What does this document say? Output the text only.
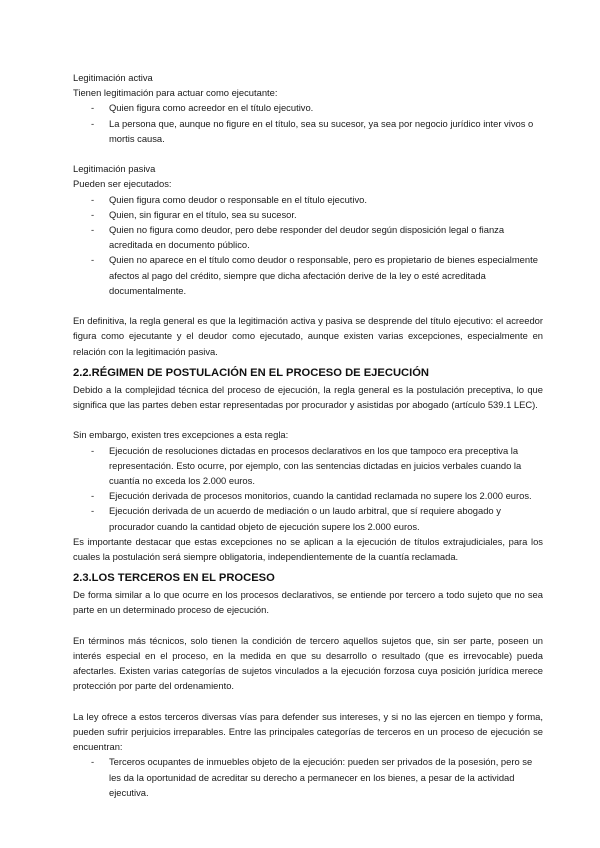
Legitimación activa

Tienen legitimación para actuar como ejecutante:

- Quien figura como acreedor en el título ejecutivo.
- La persona que, aunque no figure en el título, sea su sucesor, ya sea por negocio jurídico inter vivos o mortis causa.

Legitimación pasiva

Pueden ser ejecutados:

- Quien figura como deudor o responsable en el título ejecutivo.
- Quien, sin figurar en el título, sea su sucesor.
- Quien no figura como deudor, pero debe responder del deudor según disposición legal o fianza acreditada en documento público.
- Quien no aparece en el título como deudor o responsable, pero es propietario de bienes especialmente afectos al pago del crédito, siempre que dicha afectación derive de la ley o esté acreditada documentalmente.

En definitiva, la regla general es que la legitimación activa y pasiva se desprende del título ejecutivo: el acreedor figura como ejecutante y el deudor como ejecutado, aunque existen varias excepciones, especialmente en relación con la legitimación pasiva.

2.2.RÉGIMEN DE POSTULACIÓN EN EL PROCESO DE EJECUCIÓN

Debido a la complejidad técnica del proceso de ejecución, la regla general es la postulación preceptiva, lo que significa que las partes deben estar representadas por procurador y asistidas por abogado (artículo 539.1 LEC).

Sin embargo, existen tres excepciones a esta regla:

- Ejecución de resoluciones dictadas en procesos declarativos en los que tampoco era preceptiva la representación. Esto ocurre, por ejemplo, con las sentencias dictadas en juicios verbales cuando la cuantía no exceda los 2.000 euros.
- Ejecución derivada de procesos monitorios, cuando la cantidad reclamada no supere los 2.000 euros.
- Ejecución derivada de un acuerdo de mediación o un laudo arbitral, que sí requiere abogado y procurador cuando la cantidad objeto de ejecución supere los 2.000 euros.

Es importante destacar que estas excepciones no se aplican a la ejecución de títulos extrajudiciales, para los cuales la postulación será siempre obligatoria, independientemente de la cuantía reclamada.

2.3.LOS TERCEROS EN EL PROCESO

De forma similar a lo que ocurre en los procesos declarativos, se entiende por tercero a todo sujeto que no sea parte en un determinado proceso de ejecución.

En términos más técnicos, solo tienen la condición de tercero aquellos sujetos que, sin ser parte, poseen un interés especial en el proceso, en la medida en que su desarrollo o resultado (que es irrevocable) pueda afectarles. Existen varias categorías de sujetos vinculados a la ejecución forzosa cuya posición jurídica merece protección por parte del ordenamiento.

La ley ofrece a estos terceros diversas vías para defender sus intereses, y si no las ejercen en tiempo y forma, pueden sufrir perjuicios irreparables. Entre las principales categorías de terceros en un proceso de ejecución se encuentran:

- Terceros ocupantes de inmuebles objeto de la ejecución: pueden ser privados de la posesión, pero se les da la oportunidad de acreditar su derecho a permanecer en los bienes, a pesar de la actividad ejecutiva.
